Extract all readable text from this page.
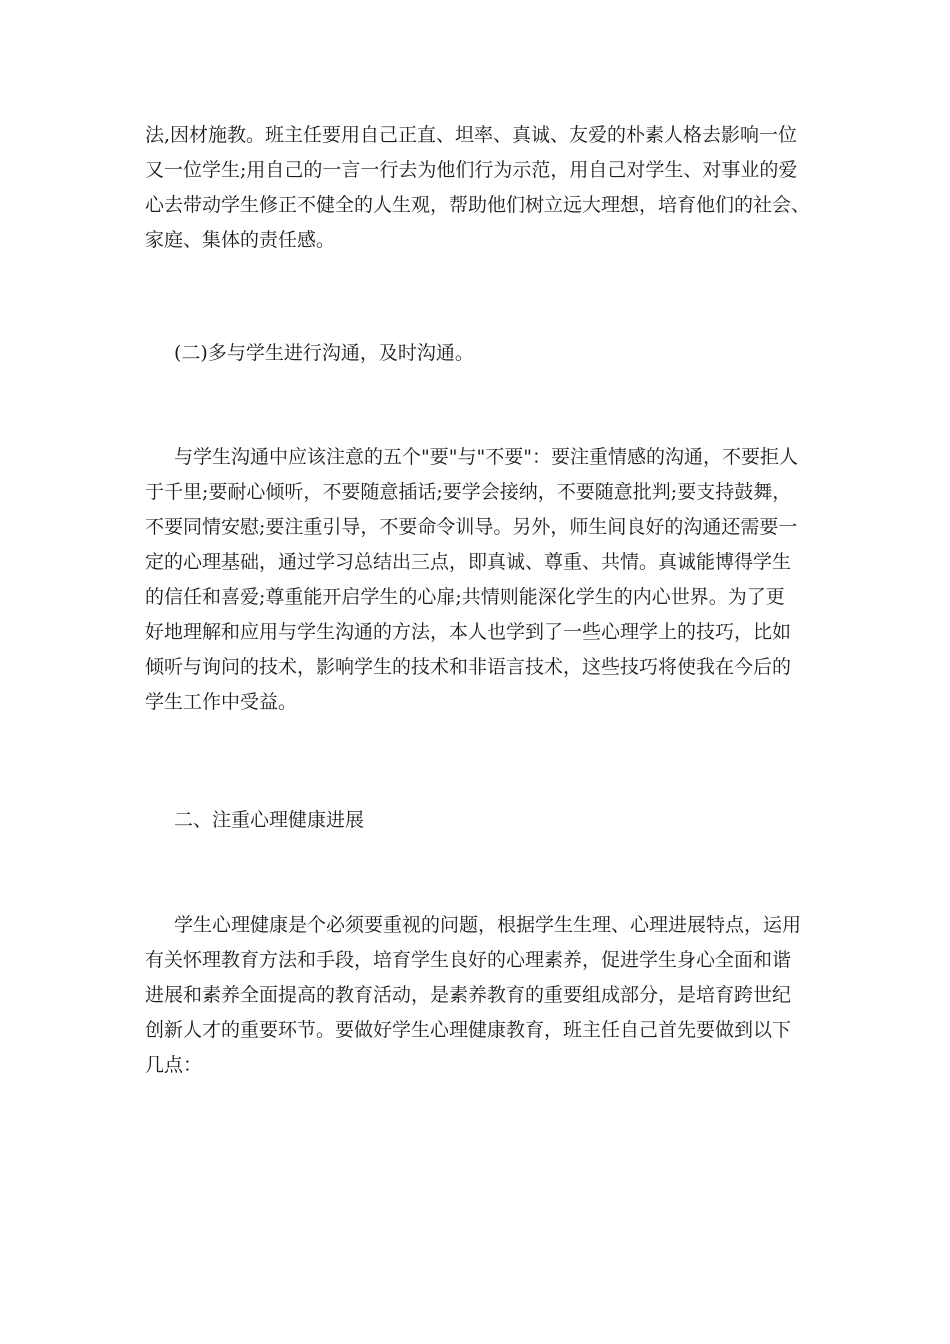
法,因材施教。班主任要用自己正直、坦率、真诚、友爱的朴素人格去影响一位
又一位学生;用自己的一言一行去为他们行为示范，用自己对学生、对事业的爱
心去带动学生修正不健全的人生观，帮助他们树立远大理想，培育他们的社会、
家庭、集体的责任感。
(二)多与学生进行沟通，及时沟通。
与学生沟通中应该注意的五个"要"与"不要"：要注重情感的沟通，不要拒人
于千里;要耐心倾听，不要随意插话;要学会接纳，不要随意批判;要支持鼓舞，
不要同情安慰;要注重引导，不要命令训导。另外，师生间良好的沟通还需要一
定的心理基础，通过学习总结出三点，即真诚、尊重、共情。真诚能博得学生
的信任和喜爱;尊重能开启学生的心扉;共情则能深化学生的内心世界。为了更
好地理解和应用与学生沟通的方法，本人也学到了一些心理学上的技巧，比如
倾听与询问的技术，影响学生的技术和非语言技术，这些技巧将使我在今后的
学生工作中受益。
二、注重心理健康进展
学生心理健康是个必须要重视的问题，根据学生生理、心理进展特点，运用
有关怀理教育方法和手段，培育学生良好的心理素养，促进学生身心全面和谐
进展和素养全面提高的教育活动，是素养教育的重要组成部分，是培育跨世纪
创新人才的重要环节。要做好学生心理健康教育，班主任自己首先要做到以下
几点：
